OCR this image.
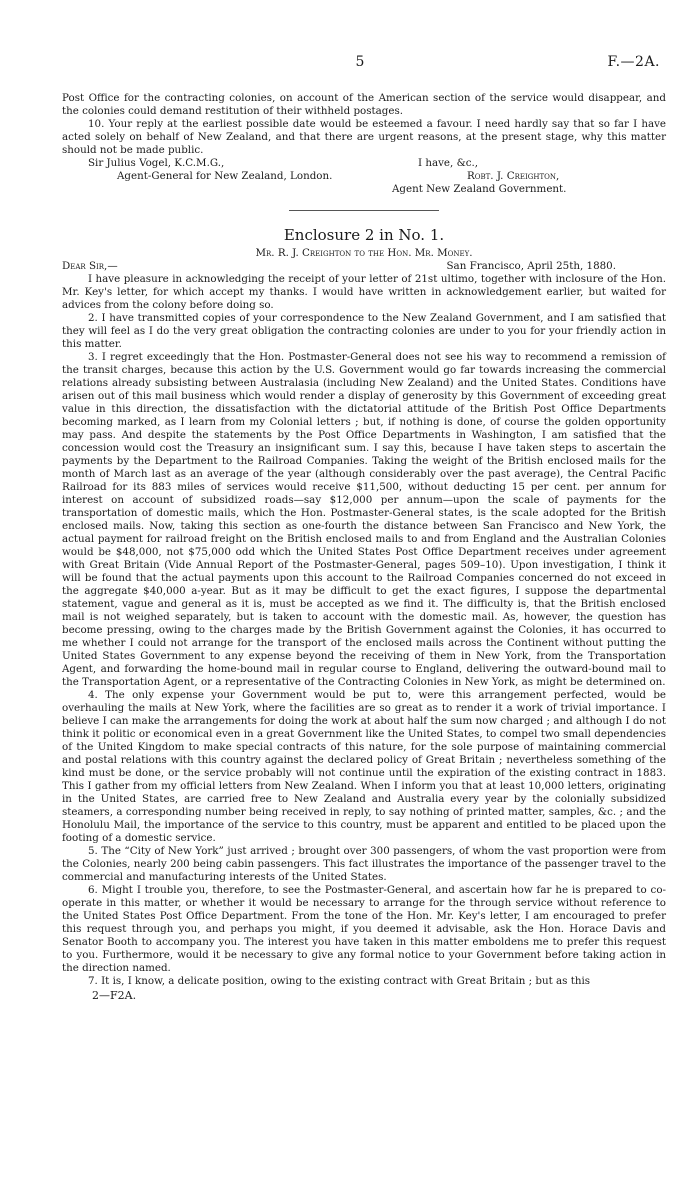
5	F.—2A.

Post Office for the contracting colonies, on account of the American section of the service would disappear, and the colonies could demand restitution of their withheld postages.

10. Your reply at the earliest possible date would be esteemed a favour. I need hardly say that so far I have acted solely on behalf of New Zealand, and that there are urgent reasons, at the present stage, why this matter should not be made public.

Sir Julius Vogel, K.C.M.G.,	I have, &c.,
Agent-General for New Zealand, London.	Robt. J. Creighton,
Agent New Zealand Government.
Enclosure 2 in No. 1.
Mr. R. J. Creighton to the Hon. Mr. Money.
Dear Sir,—	San Francisco, April 25th, 1880.

I have pleasure in acknowledging the receipt of your letter of 21st ultimo, together with inclosure of the Hon. Mr. Key's letter, for which accept my thanks. I would have written in acknowledgement earlier, but waited for advices from the colony before doing so.

2. I have transmitted copies of your correspondence to the New Zealand Government, and I am satisfied that they will feel as I do the very great obligation the contracting colonies are under to you for your friendly action in this matter.

3. I regret exceedingly that the Hon. Postmaster-General does not see his way to recommend a remission of the transit charges, because this action by the U.S. Government would go far towards increasing the commercial relations already subsisting between Australasia (including New Zealand) and the United States. Conditions have arisen out of this mail business which would render a display of generosity by this Government of exceeding great value in this direction, the dissatisfaction with the dictatorial attitude of the British Post Office Departments becoming marked, as I learn from my Colonial letters ; but, if nothing is done, of course the golden opportunity may pass. And despite the statements by the Post Office Departments in Washington, I am satisfied that the concession would cost the Treasury an insignificant sum. I say this, because I have taken steps to ascertain the payments by the Department to the Railroad Companies. Taking the weight of the British enclosed mails for the month of March last as an average of the year (although considerably over the past average), the Central Pacific Railroad for its 883 miles of services would receive $11,500, without deducting 15 per cent. per annum for interest on account of subsidized roads—say $12,000 per annum—upon the scale of payments for the transportation of domestic mails, which the Hon. Postmaster-General states, is the scale adopted for the British enclosed mails. Now, taking this section as one-fourth the distance between San Francisco and New York, the actual payment for railroad freight on the British enclosed mails to and from England and the Australian Colonies would be $48,000, not $75,000 odd which the United States Post Office Department receives under agreement with Great Britain (Vide Annual Report of the Postmaster-General, pages 509–10). Upon investigation, I think it will be found that the actual payments upon this account to the Railroad Companies concerned do not exceed in the aggregate $40,000 a-year. But as it may be difficult to get the exact figures, I suppose the departmental statement, vague and general as it is, must be accepted as we find it. The difficulty is, that the British enclosed mail is not weighed separately, but is taken to account with the domestic mail. As, however, the question has become pressing, owing to the charges made by the British Government against the Colonies, it has occurred to me whether I could not arrange for the transport of the enclosed mails across the Continent without putting the United States Government to any expense beyond the receiving of them in New York, from the Transportation Agent, and forwarding the home-bound mail in regular course to England, delivering the outward-bound mail to the Transportation Agent, or a representative of the Contracting Colonies in New York, as might be determined on.

4. The only expense your Government would be put to, were this arrangement perfected, would be overhauling the mails at New York, where the facilities are so great as to render it a work of trivial importance. I believe I can make the arrangements for doing the work at about half the sum now charged ; and although I do not think it politic or economical even in a great Government like the United States, to compel two small dependencies of the United Kingdom to make special contracts of this nature, for the sole purpose of maintaining commercial and postal relations with this country against the declared policy of Great Britain ; nevertheless something of the kind must be done, or the service probably will not continue until the expiration of the existing contract in 1883. This I gather from my official letters from New Zealand. When I inform you that at least 10,000 letters, originating in the United States, are carried free to New Zealand and Australia every year by the colonially subsidized steamers, a corresponding number being received in reply, to say nothing of printed matter, samples, &c. ; and the Honolulu Mail, the importance of the service to this country, must be apparent and entitled to be placed upon the footing of a domestic service.

5. The “City of New York” just arrived ; brought over 300 passengers, of whom the vast proportion were from the Colonies, nearly 200 being cabin passengers. This fact illustrates the importance of the passenger travel to the commercial and manufacturing interests of the United States.

6. Might I trouble you, therefore, to see the Postmaster-General, and ascertain how far he is prepared to co-operate in this matter, or whether it would be necessary to arrange for the through service without reference to the United States Post Office Department. From the tone of the Hon. Mr. Key's letter, I am encouraged to prefer this request through you, and perhaps you might, if you deemed it advisable, ask the Hon. Horace Davis and Senator Booth to accompany you. The interest you have taken in this matter emboldens me to prefer this request to you. Furthermore, would it be necessary to give any formal notice to your Government before taking action in the direction named.

7. It is, I know, a delicate position, owing to the existing contract with Great Britain ; but as this

2—F2A.
